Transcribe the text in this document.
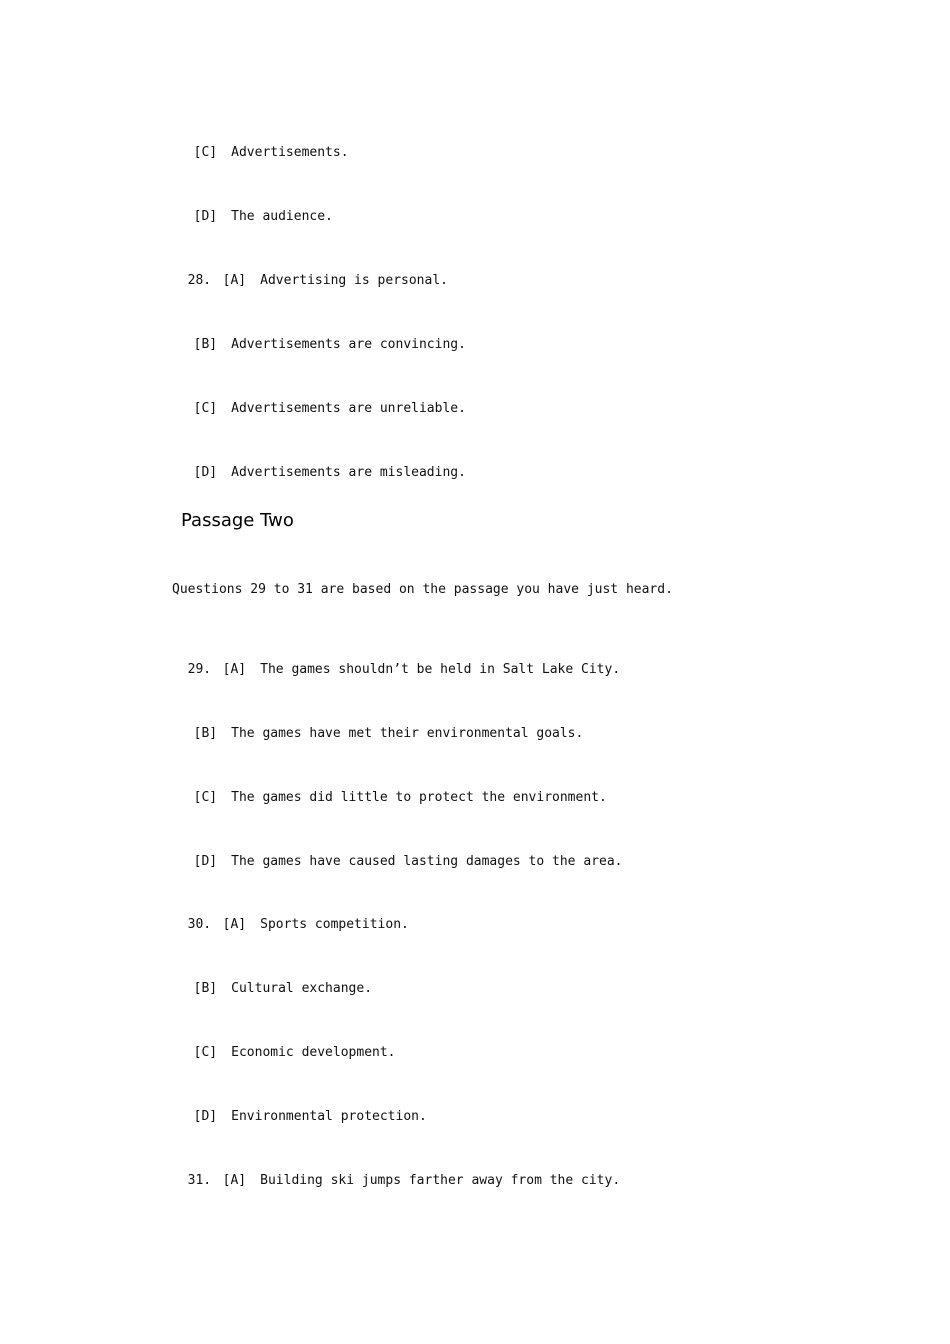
[C] Advertisements.

[D] The audience.

28. [A] Advertising is personal.

[B] Advertisements are convincing.

[C] Advertisements are unreliable.

[D] Advertisements are misleading.

Passage Two
Questions 29 to 31 are based on the passage you have just heard.

29. [A] The games shouldn’t be held in Salt Lake City.

[B] The games have met their environmental goals.

[C] The games did little to protect the environment.

[D] The games have caused lasting damages to the area.

30. [A] Sports competition.

[B] Cultural exchange.

[C] Economic development.

[D] Environmental protection.

31. [A] Building ski jumps farther away from the city.
